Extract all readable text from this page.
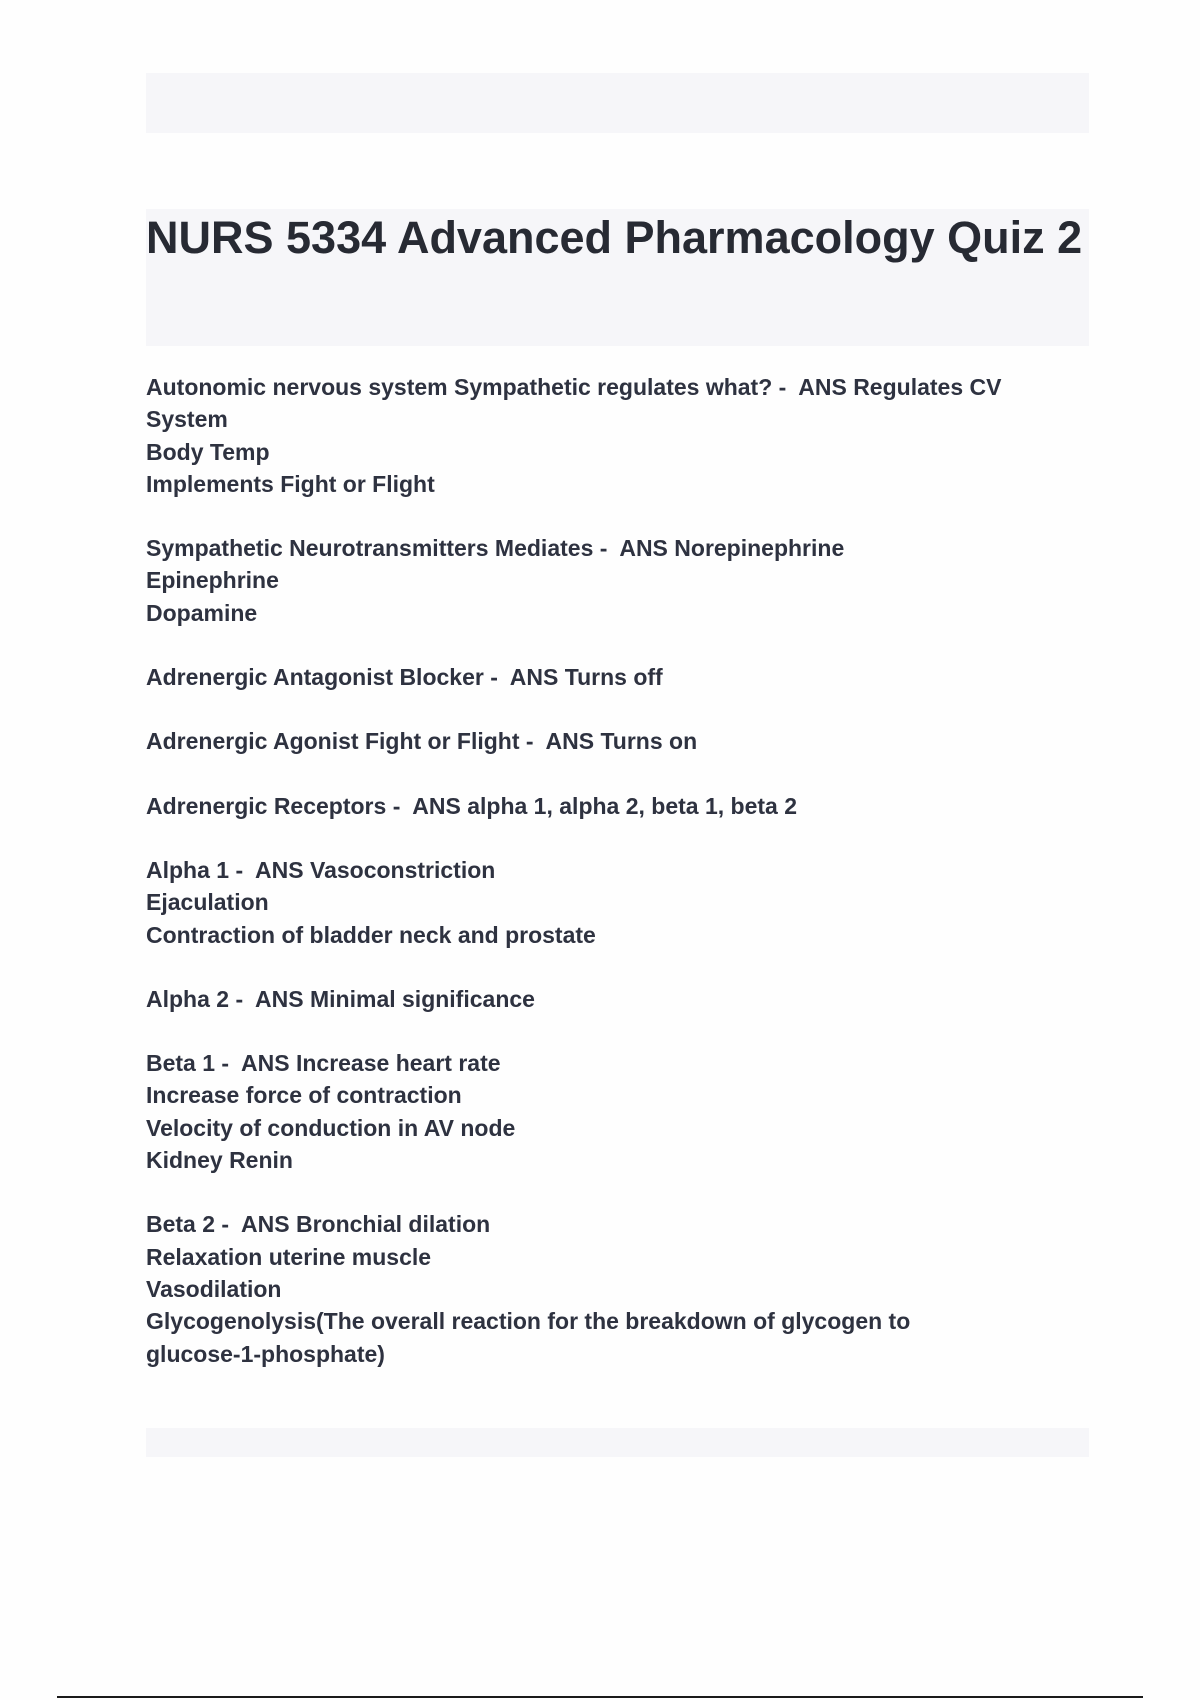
NURS 5334 Advanced Pharmacology Quiz 2
Autonomic nervous system Sympathetic regulates what? -  ANS Regulates CV
System
Body Temp
Implements Fight or Flight
Sympathetic Neurotransmitters Mediates -  ANS Norepinephrine
Epinephrine
Dopamine
Adrenergic Antagonist Blocker -  ANS Turns off
Adrenergic Agonist Fight or Flight -  ANS Turns on
Adrenergic Receptors -  ANS alpha 1, alpha 2, beta 1, beta 2
Alpha 1 -  ANS Vasoconstriction
Ejaculation
Contraction of bladder neck and prostate
Alpha 2 -  ANS Minimal significance
Beta 1 -  ANS Increase heart rate
Increase force of contraction
Velocity of conduction in AV node
Kidney Renin
Beta 2 -  ANS Bronchial dilation
Relaxation uterine muscle
Vasodilation
Glycogenolysis(The overall reaction for the breakdown of glycogen to
glucose-1-phosphate)
